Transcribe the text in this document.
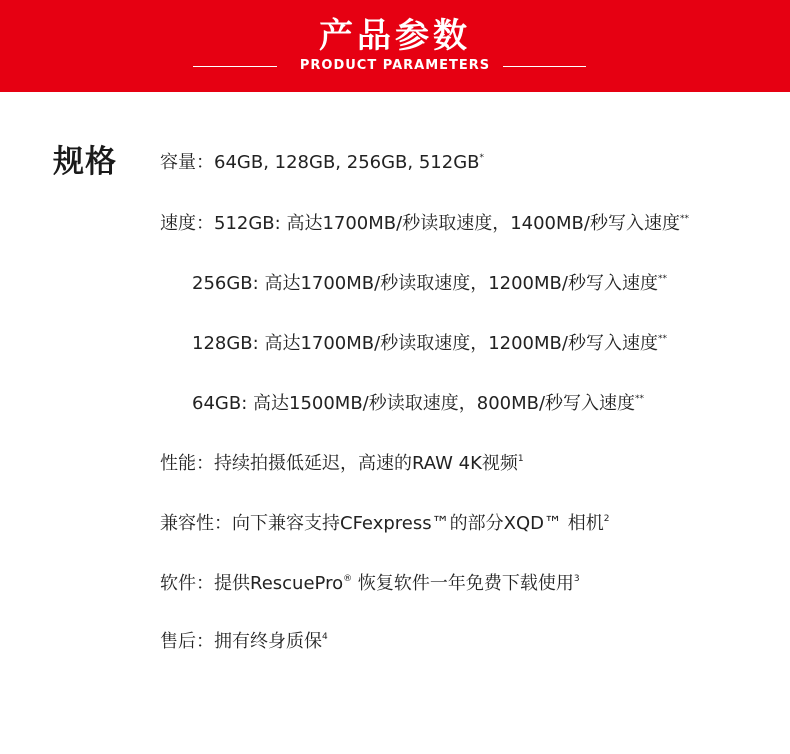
产品参数
PRODUCT PARAMETERS
规格 容量：64GB, 128GB, 256GB, 512GB*
速度：512GB: 高达1700MB/秒读取速度，1400MB/秒写入速度**
256GB: 高达1700MB/秒读取速度，1200MB/秒写入速度**
128GB: 高达1700MB/秒读取速度，1200MB/秒写入速度**
64GB: 高达1500MB/秒读取速度，800MB/秒写入速度**
性能：持续拍摄低延迟，高速的RAW 4K视频$^1$
兼容性：向下兼容支持CFexpress™的部分XQD™ 相机$^2$
软件：提供RescuePro® 恢复软件一年免费下载使用$^3$
售后：拥有终身质保$^4$
